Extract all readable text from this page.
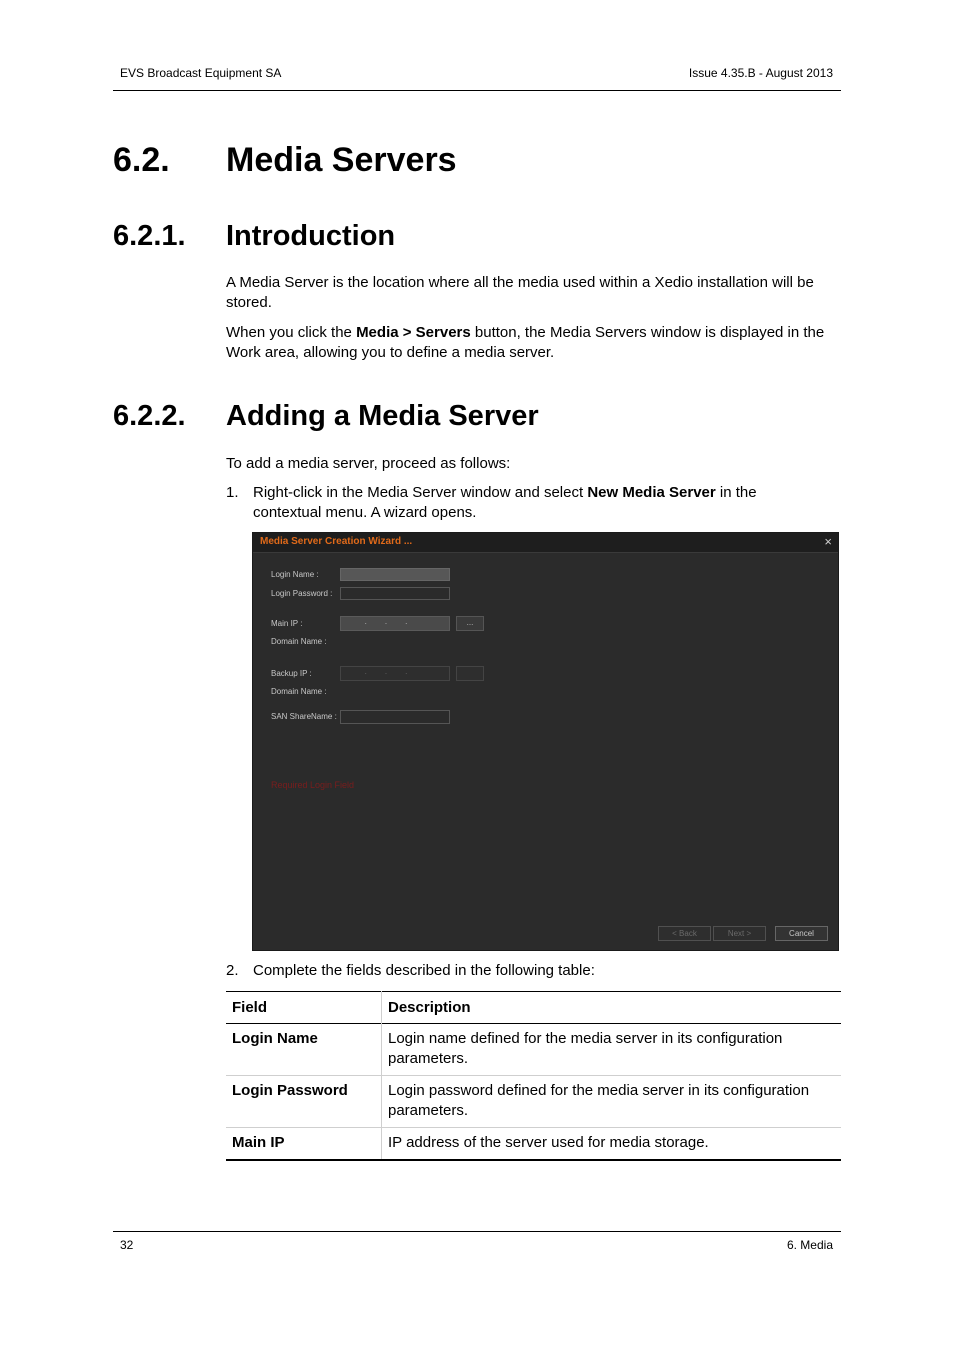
EVS Broadcast Equipment SA	Issue 4.35.B - August 2013
6.2. Media Servers
6.2.1. Introduction
A Media Server is the location where all the media used within a Xedio installation will be stored.
When you click the Media > Servers button, the Media Servers window is displayed in the Work area, allowing you to define a media server.
6.2.2. Adding a Media Server
To add a media server, proceed as follows:
1. Right-click in the Media Server window and select New Media Server in the contextual menu. A wizard opens.
Media Server Creation Wizard ...	×
Login Name :
Login Password :
Main IP :	...	...
Domain Name :
Backup IP :	...
Domain Name :
SAN ShareName :
Required Login Field
< Back	Next >	Cancel
2. Complete the fields described in the following table:
Field	Description
Login Name	Login name defined for the media server in its configuration parameters.
Login Password	Login password defined for the media server in its configuration parameters.
Main IP	IP address of the server used for media storage.
32	6. Media
